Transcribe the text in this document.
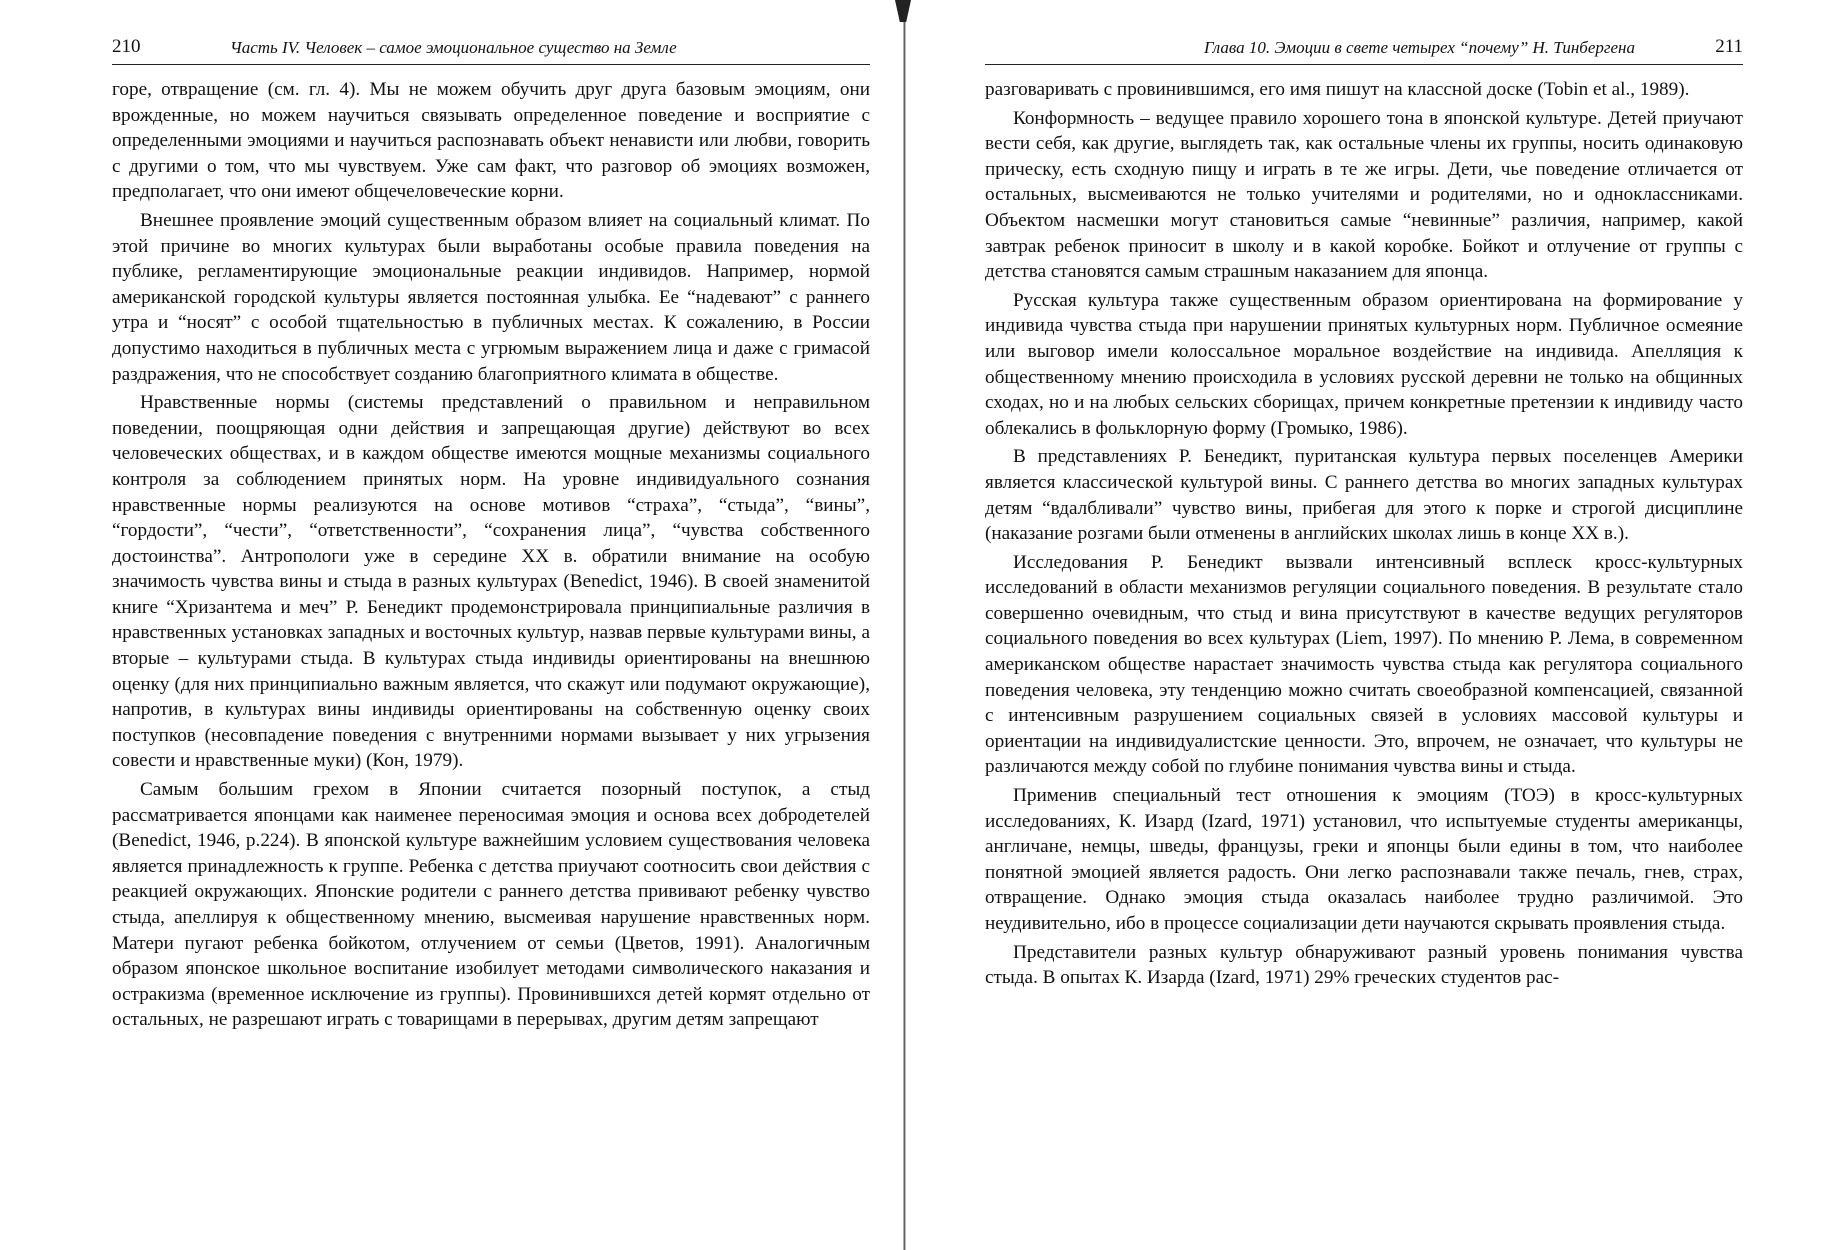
210	Часть IV. Человек – самое эмоциональное существо на Земле

горе, отвращение (см. гл. 4). Мы не можем обучить друг друга базовым эмоциям, они врожденные, но можем научиться связывать определенное поведение и восприятие с определенными эмоциями и научиться распознавать объект ненависти или любви, говорить с другими о том, что мы чувствуем. Уже сам факт, что разговор об эмоциях возможен, предполагает, что они имеют общечеловеческие корни.

Внешнее проявление эмоций существенным образом влияет на социальный климат. По этой причине во многих культурах были выработаны особые правила поведения на публике, регламентирующие эмоциональные реакции индивидов. Например, нормой американской городской культуры является постоянная улыбка. Ее “надевают” с раннего утра и “носят” с особой тщательностью в публичных местах. К сожалению, в России допустимо находиться в публичных места с угрюмым выражением лица и даже с гримасой раздражения, что не способствует созданию благоприятного климата в обществе.

Нравственные нормы (системы представлений о правильном и неправильном поведении, поощряющая одни действия и запрещающая другие) действуют во всех человеческих обществах, и в каждом обществе имеются мощные механизмы социального контроля за соблюдением принятых норм. На уровне индивидуального сознания нравственные нормы реализуются на основе мотивов “страха”, “стыда”, “вины”, “гордости”, “чести”, “ответственности”, “сохранения лица”, “чувства собственного достоинства”. Антропологи уже в середине XX в. обратили внимание на особую значимость чувства вины и стыда в разных культурах (Benedict, 1946). В своей знаменитой книге “Хризантема и меч” Р. Бенедикт продемонстрировала принципиальные различия в нравственных установках западных и восточных культур, назвав первые культурами вины, а вторые – культурами стыда. В культурах стыда индивиды ориентированы на внешнюю оценку (для них принципиально важным является, что скажут или подумают окружающие), напротив, в культурах вины индивиды ориентированы на собственную оценку своих поступков (несовпадение поведения с внутренними нормами вызывает у них угрызения совести и нравственные муки) (Кон, 1979).

Самым большим грехом в Японии считается позорный поступок, а стыд рассматривается японцами как наименее переносимая эмоция и основа всех добродетелей (Benedict, 1946, p.224). В японской культуре важнейшим условием существования человека является принадлежность к группе. Ребенка с детства приучают соотносить свои действия с реакцией окружающих. Японские родители с раннего детства прививают ребенку чувство стыда, апеллируя к общественному мнению, высмеивая нарушение нравственных норм. Матери пугают ребенка бойкотом, отлучением от семьи (Цветов, 1991). Аналогичным образом японское школьное воспитание изобилует методами символического наказания и остракизма (временное исключение из группы). Провинившихся детей кормят отдельно от остальных, не разрешают играть с товарищами в перерывах, другим детям запрещают

Глава 10. Эмоции в свете четырех “почему” Н. Тинбергена	211

разговаривать с провинившимся, его имя пишут на классной доске (Tobin et al., 1989).

Конформность – ведущее правило хорошего тона в японской культуре. Детей приучают вести себя, как другие, выглядеть так, как остальные члены их группы, носить одинаковую прическу, есть сходную пищу и играть в те же игры. Дети, чье поведение отличается от остальных, высмеиваются не только учителями и родителями, но и одноклассниками. Объектом насмешки могут становиться самые “невинные” различия, например, какой завтрак ребенок приносит в школу и в какой коробке. Бойкот и отлучение от группы с детства становятся самым страшным наказанием для японца.

Русская культура также существенным образом ориентирована на формирование у индивида чувства стыда при нарушении принятых культурных норм. Публичное осмеяние или выговор имели колоссальное моральное воздействие на индивида. Апелляция к общественному мнению происходила в условиях русской деревни не только на общинных сходах, но и на любых сельских сборищах, причем конкретные претензии к индивиду часто облекались в фольклорную форму (Громыко, 1986).

В представлениях Р. Бенедикт, пуританская культура первых поселенцев Америки является классической культурой вины. С раннего детства во многих западных культурах детям “вдалбливали” чувство вины, прибегая для этого к порке и строгой дисциплине (наказание розгами были отменены в английских школах лишь в конце XX в.).

Исследования Р. Бенедикт вызвали интенсивный всплеск кросс-культурных исследований в области механизмов регуляции социального поведения. В результате стало совершенно очевидным, что стыд и вина присутствуют в качестве ведущих регуляторов социального поведения во всех культурах (Liem, 1997). По мнению Р. Лема, в современном американском обществе нарастает значимость чувства стыда как регулятора социального поведения человека, эту тенденцию можно считать своеобразной компенсацией, связанной с интенсивным разрушением социальных связей в условиях массовой культуры и ориентации на индивидуалистские ценности. Это, впрочем, не означает, что культуры не различаются между собой по глубине понимания чувства вины и стыда.

Применив специальный тест отношения к эмоциям (ТОЭ) в кросс-культурных исследованиях, К. Изард (Izard, 1971) установил, что испытуемые студенты американцы, англичане, немцы, шведы, французы, греки и японцы были едины в том, что наиболее понятной эмоцией является радость. Они легко распознавали также печаль, гнев, страх, отвращение. Однако эмоция стыда оказалась наиболее трудно различимой. Это неудивительно, ибо в процессе социализации дети научаются скрывать проявления стыда.

Представители разных культур обнаруживают разный уровень понимания чувства стыда. В опытах К. Изарда (Izard, 1971) 29% греческих студентов рас-
